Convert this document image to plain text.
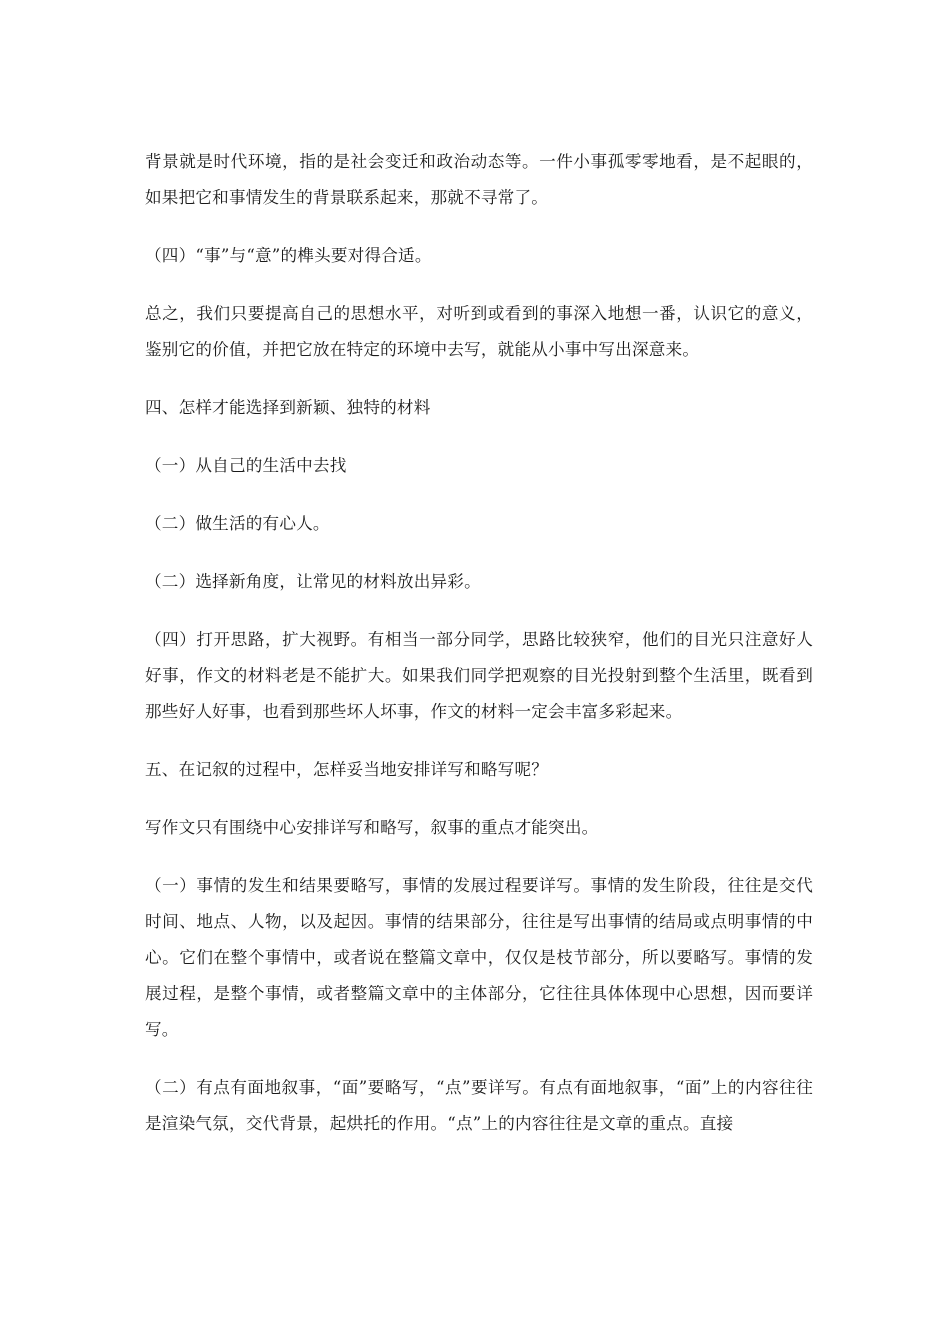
背景就是时代环境，指的是社会变迁和政治动态等。一件小事孤零零地看，是不起眼的，如果把它和事情发生的背景联系起来，那就不寻常了。

（四）“事”与“意”的榫头要对得合适。

总之，我们只要提高自己的思想水平，对听到或看到的事深入地想一番，认识它的意义，鉴别它的价值，并把它放在特定的环境中去写，就能从小事中写出深意来。

四、怎样才能选择到新颖、独特的材料

（一）从自己的生活中去找

（二）做生活的有心人。

（二）选择新角度，让常见的材料放出异彩。

（四）打开思路，扩大视野。有相当一部分同学，思路比较狭窄，他们的目光只注意好人好事，作文的材料老是不能扩大。如果我们同学把观察的目光投射到整个生活里，既看到那些好人好事，也看到那些坏人坏事，作文的材料一定会丰富多彩起来。

五、在记叙的过程中，怎样妥当地安排详写和略写呢？

写作文只有围绕中心安排详写和略写，叙事的重点才能突出。

（一）事情的发生和结果要略写，事情的发展过程要详写。事情的发生阶段，往往是交代时间、地点、人物，以及起因。事情的结果部分，往往是写出事情的结局或点明事情的中心。它们在整个事情中，或者说在整篇文章中，仅仅是枝节部分，所以要略写。事情的发展过程，是整个事情，或者整篇文章中的主体部分，它往往具体体现中心思想，因而要详写。

（二）有点有面地叙事，“面”要略写，“点”要详写。有点有面地叙事，“面”上的内容往往是渲染气氛，交代背景，起烘托的作用。“点”上的内容往往是文章的重点。直接
